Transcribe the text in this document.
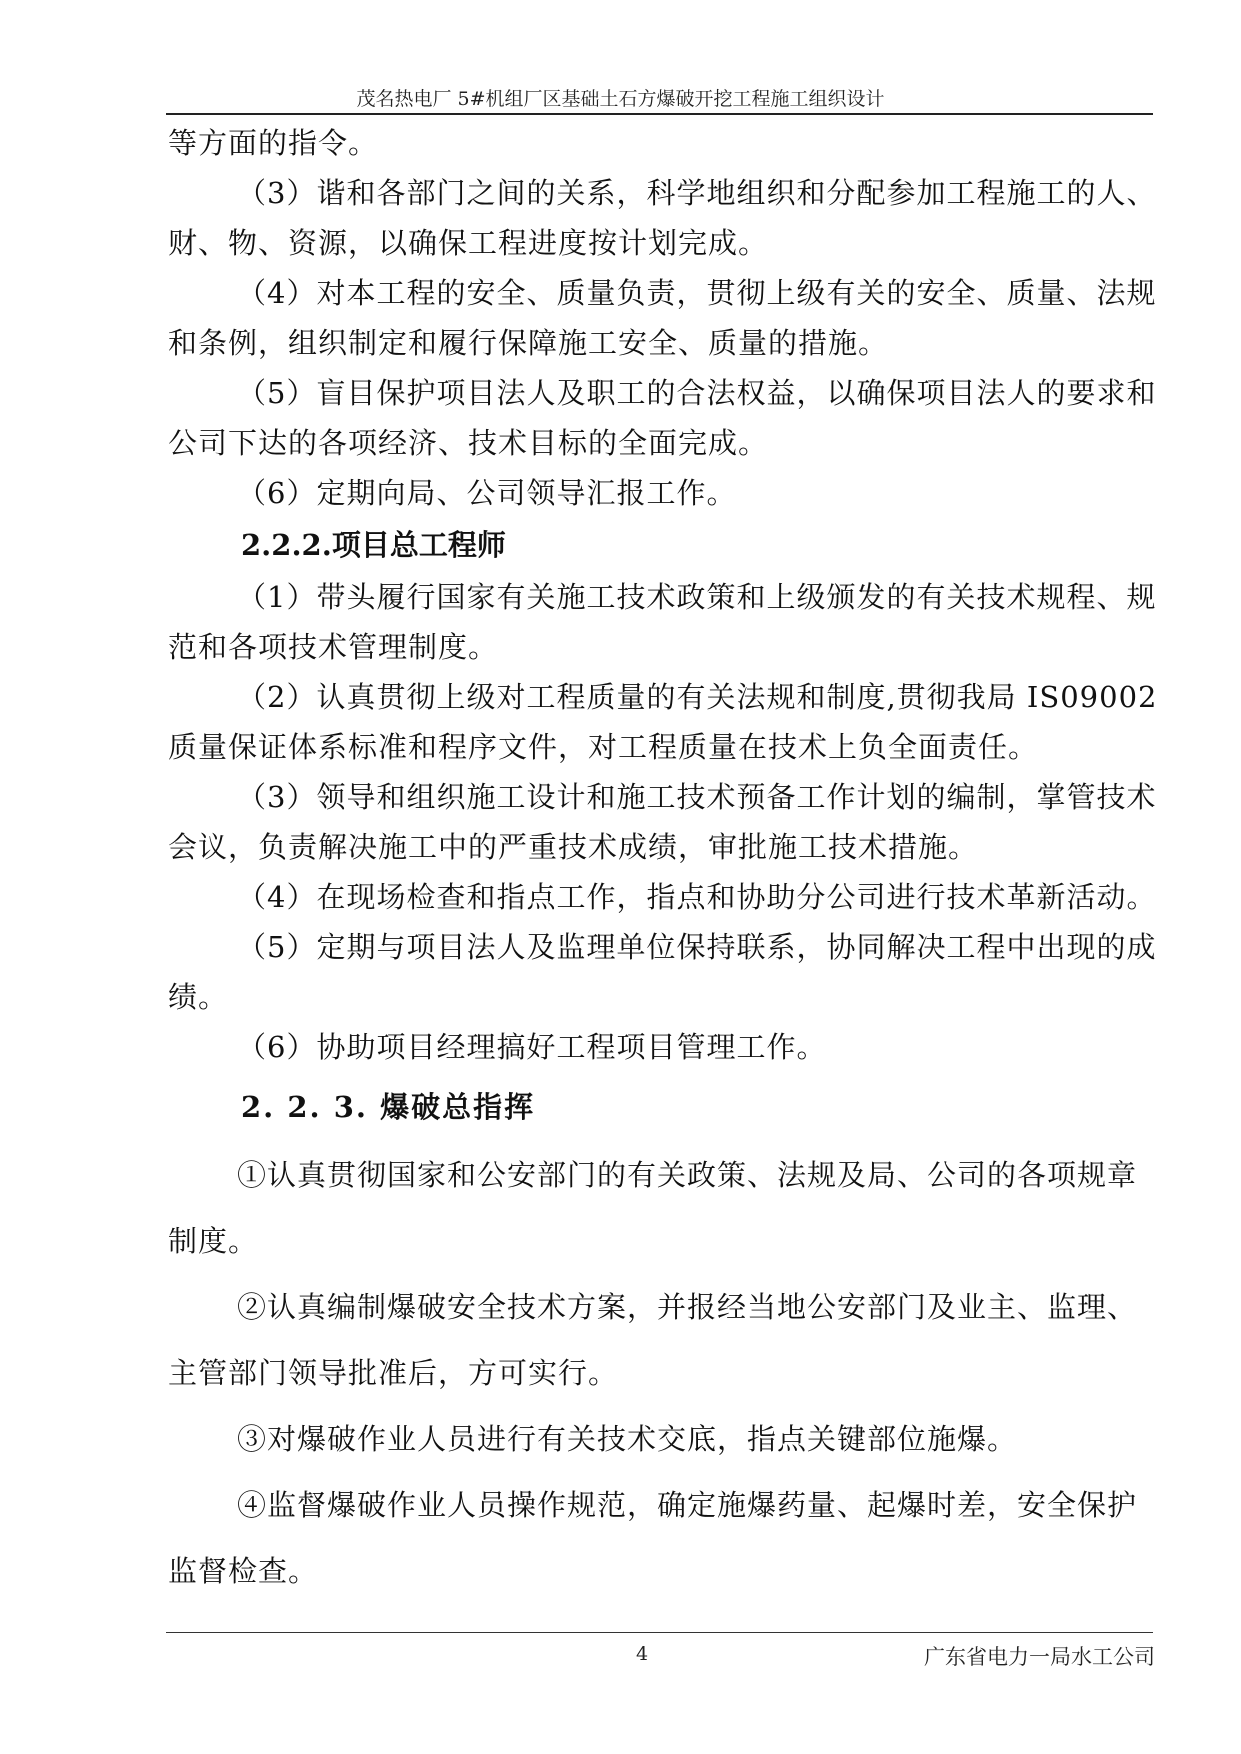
茂名热电厂 5#机组厂区基础土石方爆破开挖工程施工组织设计

等方面的指令。

（3）谐和各部门之间的关系，科学地组织和分配参加工程施工的人、财、物、资源，以确保工程进度按计划完成。

（4）对本工程的安全、质量负责，贯彻上级有关的安全、质量、法规和条例，组织制定和履行保障施工安全、质量的措施。

（5）盲目保护项目法人及职工的合法权益，以确保项目法人的要求和公司下达的各项经济、技术目标的全面完成。

（6）定期向局、公司领导汇报工作。

2.2.2.项目总工程师

（1）带头履行国家有关施工技术政策和上级颁发的有关技术规程、规范和各项技术管理制度。

（2）认真贯彻上级对工程质量的有关法规和制度,贯彻我局 IS09002质量保证体系标准和程序文件，对工程质量在技术上负全面责任。

（3）领导和组织施工设计和施工技术预备工作计划的编制，掌管技术会议，负责解决施工中的严重技术成绩，审批施工技术措施。

（4）在现场检查和指点工作，指点和协助分公司进行技术革新活动。

（5）定期与项目法人及监理单位保持联系，协同解决工程中出现的成绩。

（6）协助项目经理搞好工程项目管理工作。

2. 2. 3. 爆破总指挥

①认真贯彻国家和公安部门的有关政策、法规及局、公司的各项规章制度。

②认真编制爆破安全技术方案，并报经当地公安部门及业主、监理、主管部门领导批准后，方可实行。

③对爆破作业人员进行有关技术交底，指点关键部位施爆。

④监督爆破作业人员操作规范，确定施爆药量、起爆时差，安全保护监督检查。

4	广东省电力一局水工公司
